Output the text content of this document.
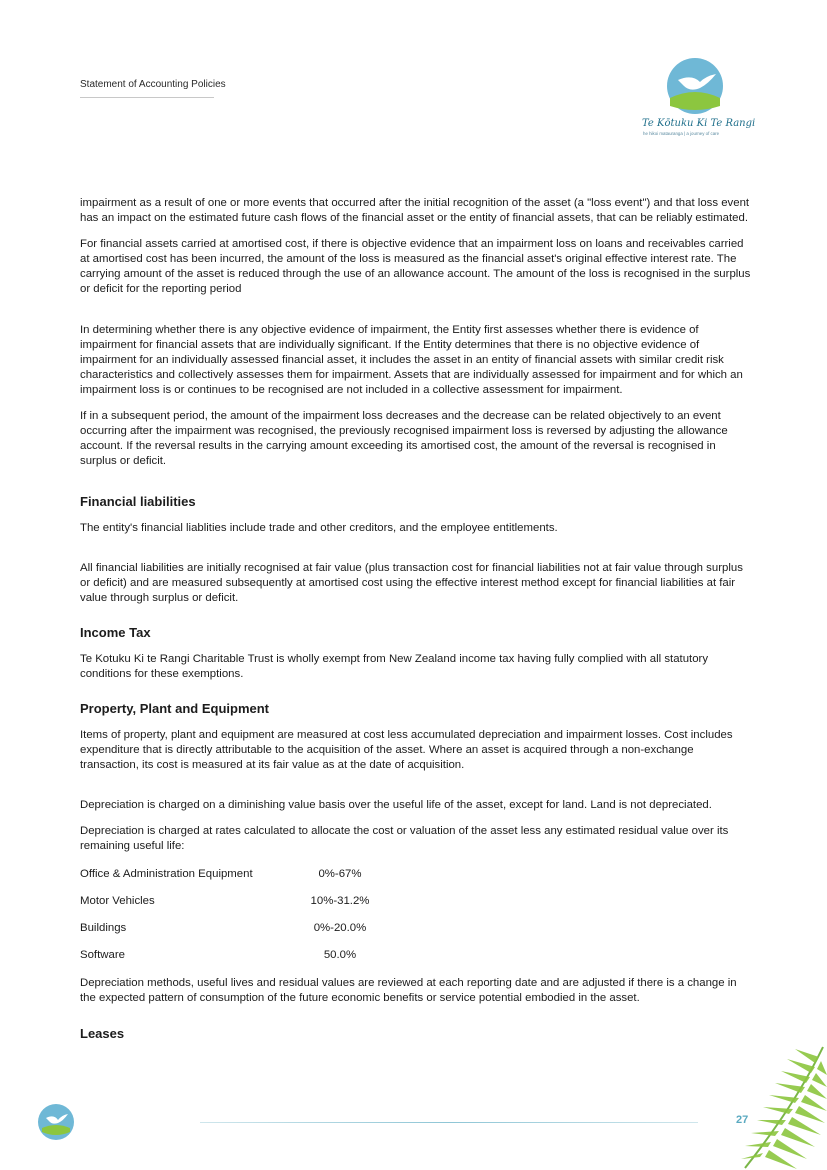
Statement of Accounting Policies
Te Kōtuku Ki Te Rangi
he hikoi matauranga | a journey of care

impairment as a result of one or more events that occurred after the initial recognition of the asset (a "loss event") and that loss event has an impact on the estimated future cash flows of the financial asset or the entity of financial assets, that can be reliably estimated.

For financial assets carried at amortised cost, if there is objective evidence that an impairment loss on loans and receivables carried at amortised cost has been incurred, the amount of the loss is measured as the financial asset's original effective interest rate. The carrying amount of the asset is reduced through the use of an allowance account. The amount of the loss is recognised in the surplus or deficit for the reporting period

In determining whether there is any objective evidence of impairment, the Entity first assesses whether there is evidence of impairment for financial assets that are individually significant. If the Entity determines that there is no objective evidence of impairment for an individually assessed financial asset, it includes the asset in an entity of financial assets with similar credit risk characteristics and collectively assesses them for impairment. Assets that are individually assessed for impairment and for which an impairment loss is or continues to be recognised are not included in a collective assessment for impairment.

If in a subsequent period, the amount of the impairment loss decreases and the decrease can be related objectively to an event occurring after the impairment was recognised, the previously recognised impairment loss is reversed by adjusting the allowance account. If the reversal results in the carrying amount exceeding its amortised cost, the amount of the reversal is recognised in surplus or deficit.

Financial liabilities

The entity's financial liablities include trade and other creditors, and the employee entitlements.

All financial liabilities are initially recognised at fair value (plus transaction cost for financial liabilities not at fair value through surplus or deficit) and are measured subsequently at amortised cost using the effective interest method except for financial liabilities at fair value through surplus or deficit.

Income Tax

Te Kotuku Ki te Rangi Charitable Trust is wholly exempt from New Zealand income tax having fully complied with all statutory conditions for these exemptions.

Property, Plant and Equipment

Items of property, plant and equipment are measured at cost less accumulated depreciation and impairment losses. Cost includes expenditure that is directly attributable to the acquisition of the asset. Where an asset is acquired through a non-exchange transaction, its cost is measured at its fair value as at the date of acquisition.

Depreciation is charged on a diminishing value basis over the useful life of the asset, except for land. Land is not depreciated.

Depreciation is charged at rates calculated to allocate the cost or valuation of the asset less any estimated residual value over its remaining useful life:

Office & Administration Equipment	0%-67%
Motor Vehicles	10%-31.2%
Buildings	0%-20.0%
Software	50.0%

Depreciation methods, useful lives and residual values are reviewed at each reporting date and are adjusted if there is a change in the expected pattern of consumption of the future economic benefits or service potential embodied in the asset.

Leases
27
